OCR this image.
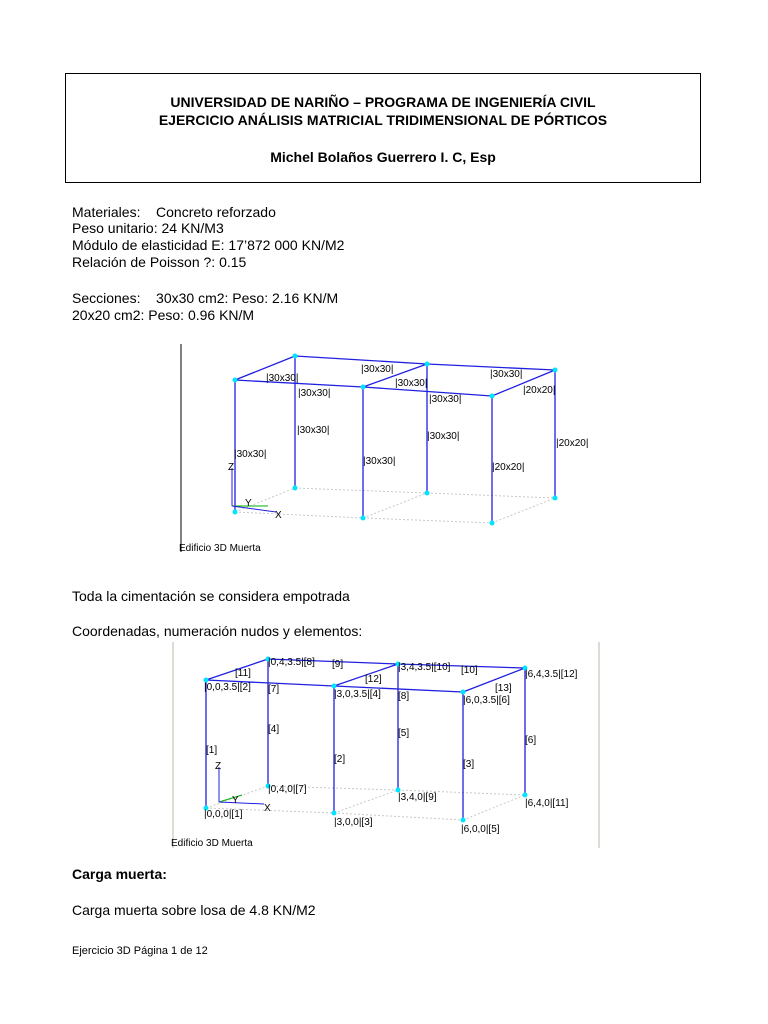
UNIVERSIDAD DE NARIÑO – PROGRAMA DE INGENIERÍA CIVIL
EJERCICIO ANÁLISIS MATRICIAL TRIDIMENSIONAL DE PÓRTICOS
Michel Bolaños Guerrero I. C, Esp
Materiales:    Concreto reforzado
Peso unitario: 24 KN/M3
Módulo de elasticidad E: 17’872 000 KN/M2
Relación de Poisson ?: 0.15
Secciones:    30x30 cm2: Peso: 2.16 KN/M
20x20 cm2: Peso: 0.96 KN/M
Z
Y
X
|30x30|
|30x30|	|30x30|
|30x30|
|30x30|
|30x30|
|20x20|
|30x30|
|30x30|
|30x30|
|30x30|
|20x20|
|20x20|
Edificio 3D Muerta
Toda la cimentación se considera empotrada
Coordenadas, numeración nudos y elementos:
Z
Y
X
|0,4,3.5|[8] [9]	|3,4,3.5|[10] [10]	|6,4,3.5|[12]
[11]
|0,0,3.5|[2]
[12]
[7]	|3,0,3.5|[4] [8]
[13]
|6,0,3.5|[6]
[4]	[5]
[6]
[1]
[2]	[3]
|0,4,0|[7]
|3,4,0|[9]
|6,4,0|[11]
|0,0,0|[1]
|3,0,0|[3]
|6,0,0|[5]
Edificio 3D Muerta
Carga muerta:
Carga muerta sobre losa de 4.8 KN/M2
Ejercicio 3D Página 1 de 12
